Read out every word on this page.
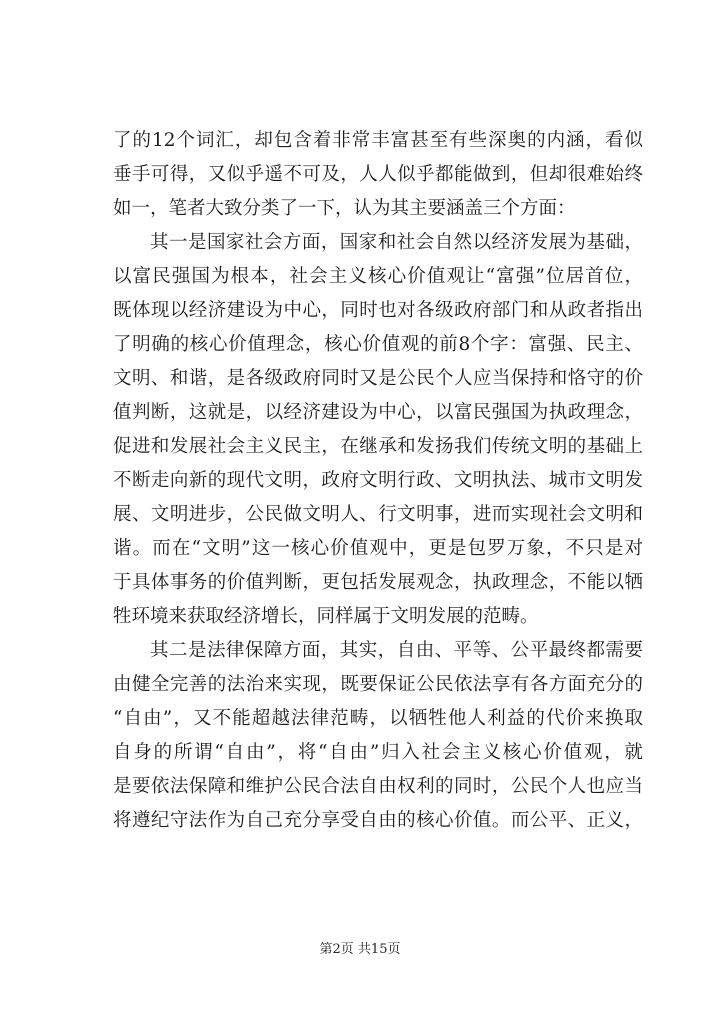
了的12个词汇，却包含着非常丰富甚至有些深奥的内涵，看似
垂手可得，又似乎遥不可及，人人似乎都能做到，但却很难始终
如一，笔者大致分类了一下，认为其主要涵盖三个方面：
其一是国家社会方面，国家和社会自然以经济发展为基础，
以富民强国为根本，社会主义核心价值观让“富强”位居首位，
既体现以经济建设为中心，同时也对各级政府部门和从政者指出
了明确的核心价值理念，核心价值观的前8个字：富强、民主、
文明、和谐，是各级政府同时又是公民个人应当保持和恪守的价
值判断，这就是，以经济建设为中心，以富民强国为执政理念，
促进和发展社会主义民主，在继承和发扬我们传统文明的基础上
不断走向新的现代文明，政府文明行政、文明执法、城市文明发
展、文明进步，公民做文明人、行文明事，进而实现社会文明和
谐。而在“文明”这一核心价值观中，更是包罗万象，不只是对
于具体事务的价值判断，更包括发展观念，执政理念，不能以牺
牲环境来获取经济增长，同样属于文明发展的范畴。
其二是法律保障方面，其实，自由、平等、公平最终都需要
由健全完善的法治来实现，既要保证公民依法享有各方面充分的
“自由”，又不能超越法律范畴，以牺牲他人利益的代价来换取
自身的所谓“自由”，将“自由”归入社会主义核心价值观，就
是要依法保障和维护公民合法自由权利的同时，公民个人也应当
将遵纪守法作为自己充分享受自由的核心价值。而公平、正义，
第2页 共15页
